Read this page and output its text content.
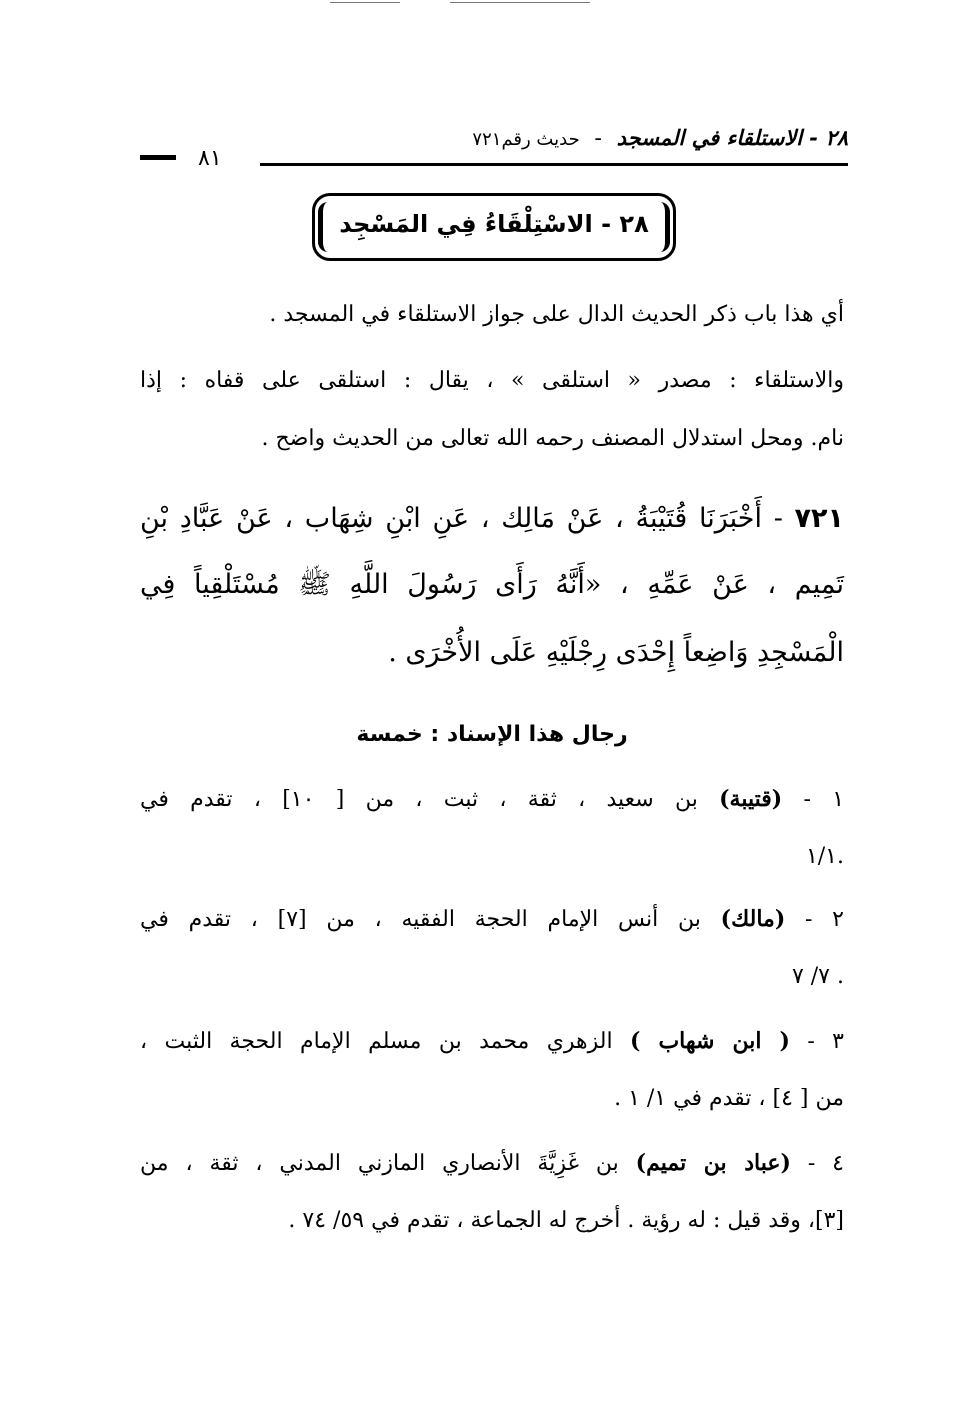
٢٨ - الاستلقاء في المسجد - حديث رقم٧٢١
٨١
٢٨ - الاسْتِلْقَاءُ فِي المَسْجِد
أي هذا باب ذكر الحديث الدال على جواز الاستلقاء في المسجد .
والاستلقاء : مصدر « استلقى » ، يقال : استلقى على قفاه : إذا
نام. ومحل استدلال المصنف رحمه الله تعالى من الحديث واضح .
٧٢١ - أَخْبَرَنَا قُتَيْبَةُ ، عَنْ مَالِك ، عَنِ ابْنِ شِهَاب ، عَنْ عَبَّادِ بْنِ
تَمِيم ، عَنْ عَمِّهِ ، «أَنَّهُ رَأَى رَسُولَ اللَّهِ ﷺ مُسْتَلْقِياً فِي
الْمَسْجِدِ وَاضِعاً إِحْدَى رِجْلَيْهِ عَلَى الأُخْرَى .
رجال هذا الإسناد : خمسة
١ - (قتيبة) بن سعيد ، ثقة ، ثبت ، من [ ١٠] ، تقدم في
.١/١
٢ - (مالك) بن أنس الإمام الحجة الفقيه ، من [٧] ، تقدم في
. ٧/ ٧
٣ - ( ابن شهاب ) الزهري محمد بن مسلم الإمام الحجة الثبت ،
من [ ٤] ، تقدم في ١/ ١ .
٤ - (عباد بن تميم) بن غَزِيَّةَ الأنصاري المازني المدني ، ثقة ، من
[٣]، وقد قيل : له رؤية . أخرج له الجماعة ، تقدم في ٥٩/ ٧٤ .
